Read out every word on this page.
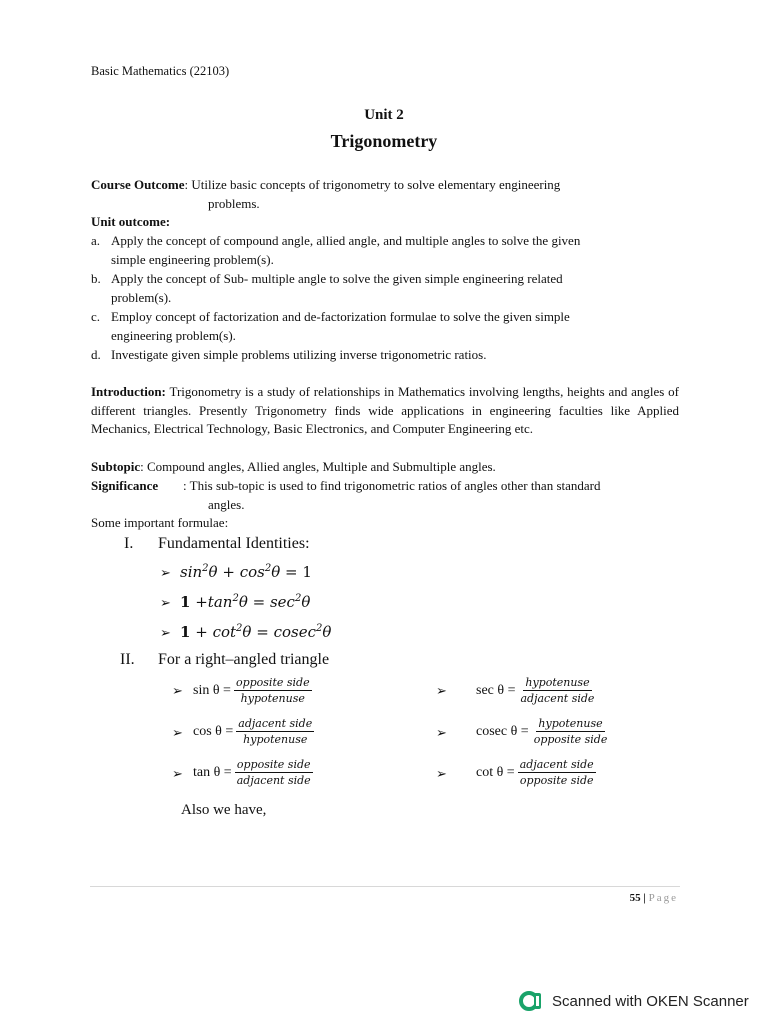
Basic Mathematics (22103)
Unit 2
Trigonometry
Course Outcome: Utilize basic concepts of trigonometry to solve elementary engineering
problems.
Unit outcome:
a. Apply the concept of compound angle, allied angle, and multiple angles to solve the given
simple engineering problem(s).
b. Apply the concept of Sub- multiple angle to solve the given simple engineering related
problem(s).
c. Employ concept of factorization and de-factorization formulae to solve the given simple
engineering problem(s).
d. Investigate given simple problems utilizing inverse trigonometric ratios.
Introduction: Trigonometry is a study of relationships in Mathematics involving lengths, heights and angles of different triangles. Presently Trigonometry finds wide applications in engineering faculties like Applied Mechanics, Electrical Technology, Basic Electronics, and Computer Engineering etc.
Subtopic: Compound angles, Allied angles, Multiple and Submultiple angles.
Significance : This sub-topic is used to find trigonometric ratios of angles other than standard
angles.
Some important formulae:
I. Fundamental Identities:
➢ $\sin^2\theta + \cos^2\theta = 1$
➢ $1 +\tan^2\theta = \sec^2\theta$
➢ $1 + \cot^2\theta = cosec^2\theta$
II. For a right–angled triangle
➢ $\sin \theta = \frac{\text{opposite side}}{\text{hypotenuse}}$
➢ $\cos \theta = \frac{\text{adjacent side}}{\text{hypotenuse}}$
➢ $\tan \theta = \frac{\text{opposite side}}{\text{adjacent side}}$
➢ $\sec \theta = \frac{\text{hypotenuse}}{\text{adjacent side}}$
➢ cosec $\theta = \frac{\text{hypotenuse}}{\text{opposite side}}$
➢ $\cot \theta = \frac{\text{adjacent side}}{\text{opposite side}}$
Also we have,
55 | Page
Scanned with OKEN Scanner
